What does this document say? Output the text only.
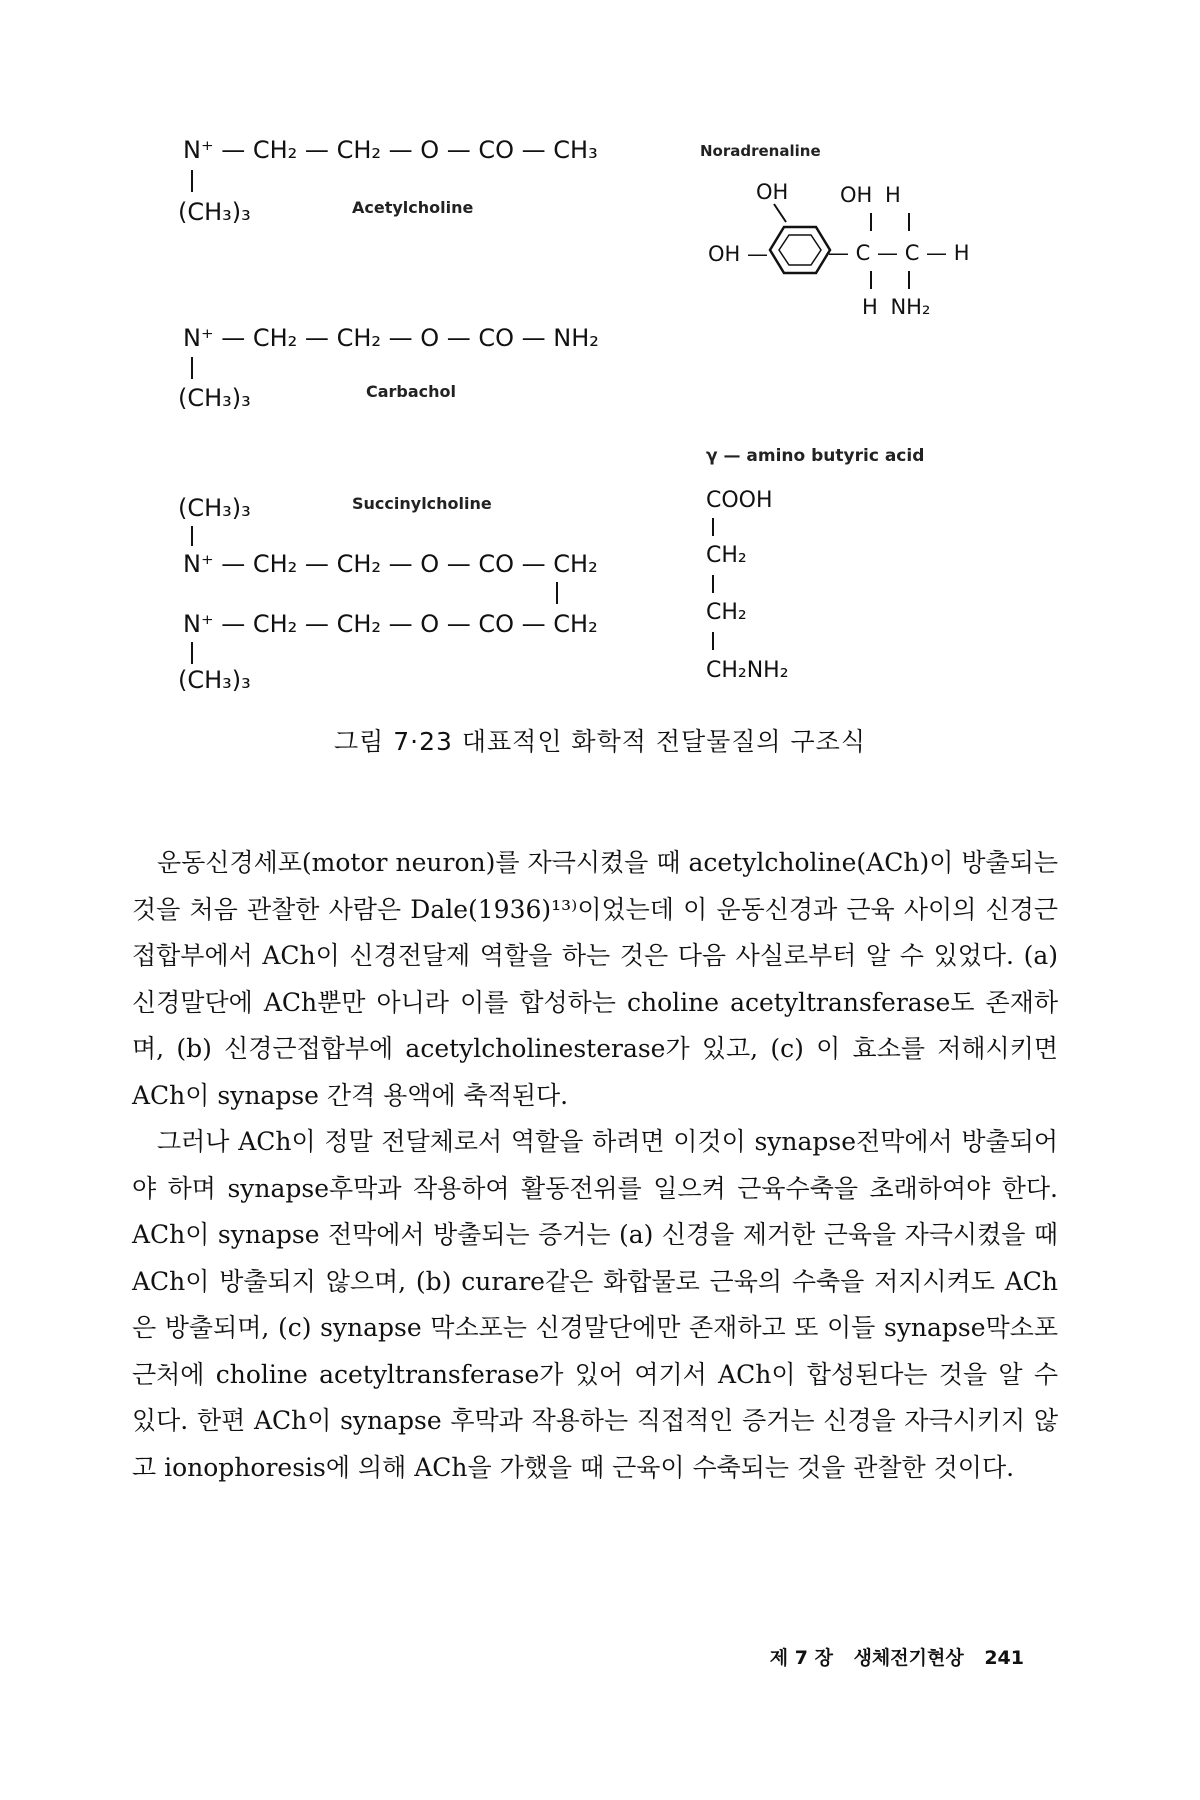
N⁺ — CH₂ — CH₂ — O — CO — CH₃
(CH₃)₃	Acetylcholine
N⁺ — CH₂ — CH₂ — O — CO — NH₂
(CH₃)₃	Carbachol
(CH₃)₃	Succinylcholine
N⁺ — CH₂ — CH₂ — O — CO — CH₂
N⁺ — CH₂ — CH₂ — O — CO — CH₂
(CH₃)₃
Noradrenaline
OH
OH —
OH H
— C — C — H
H NH₂
γ — amino butyric acid
COOH
CH₂
CH₂
CH₂NH₂
그림 7·23 대표적인 화학적 전달물질의 구조식

운동신경세포(motor neuron)를 자극시켰을 때 acetylcholine(ACh)이 방출되는 것을 처음 관찰한 사람은 Dale(1936)¹³⁾이었는데 이 운동신경과 근육 사이의 신경근접합부에서 ACh이 신경전달제 역할을 하는 것은 다음 사실로부터 알 수 있었다. (a) 신경말단에 ACh뿐만 아니라 이를 합성하는 choline acetyltransferase도 존재하며, (b) 신경근접합부에 acetylcholinesterase가 있고, (c) 이 효소를 저해시키면 ACh이 synapse 간격 용액에 축적된다.

그러나 ACh이 정말 전달체로서 역할을 하려면 이것이 synapse전막에서 방출되어야 하며 synapse후막과 작용하여 활동전위를 일으켜 근육수축을 초래하여야 한다. ACh이 synapse 전막에서 방출되는 증거는 (a) 신경을 제거한 근육을 자극시켰을 때 ACh이 방출되지 않으며, (b) curare같은 화합물로 근육의 수축을 저지시켜도 ACh은 방출되며, (c) synapse 막소포는 신경말단에만 존재하고 또 이들 synapse막소포 근처에 choline acetyltransferase가 있어 여기서 ACh이 합성된다는 것을 알 수 있다. 한편 ACh이 synapse 후막과 작용하는 직접적인 증거는 신경을 자극시키지 않고 ionophoresis에 의해 ACh을 가했을 때 근육이 수축되는 것을 관찰한 것이다.

제 7 장 생체전기현상 241
